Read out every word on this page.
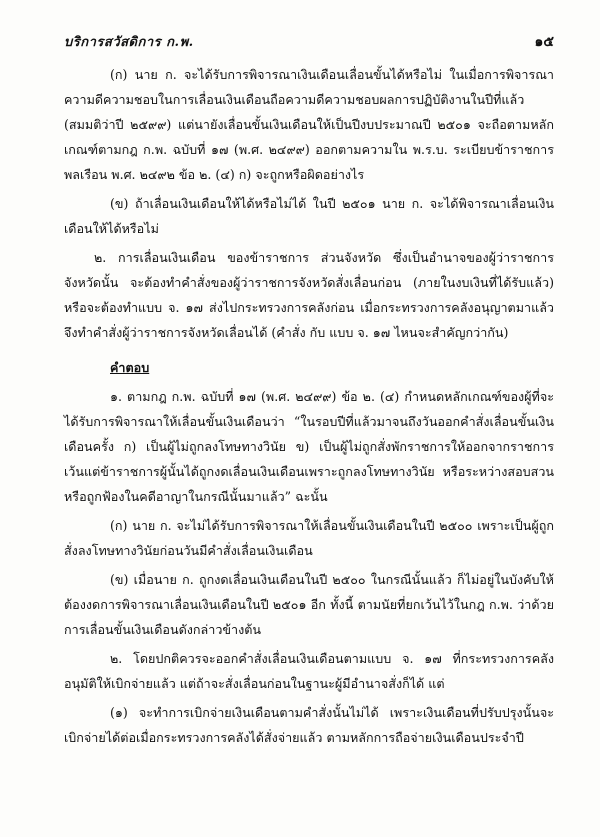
บริการสวัสดิการ ก.พ.	๑๕

(ก) นาย ก. จะได้รับการพิจารณาเงินเดือนเลื่อนขั้นได้หรือไม่ ในเมื่อการพิจารณาความดีความชอบในการเลื่อนเงินเดือนถือความดีความชอบผลการปฏิบัติงานในปีที่แล้ว (สมมติว่าปี ๒๕๙๙) แต่นายังเลื่อนขั้นเงินเดือนให้เป็นปีงบประมาณปี ๒๕๐๑ จะถือตามหลักเกณฑ์ตามกฎ ก.พ. ฉบับที่ ๑๗ (พ.ศ. ๒๔๙๙) ออกตามความใน พ.ร.บ. ระเบียบข้าราชการพลเรือน พ.ศ. ๒๔๙๒ ข้อ ๒. (๔) ก) จะถูกหรือผิดอย่างไร

(ข) ถ้าเลื่อนเงินเดือนให้ได้หรือไม่ได้ ในปี ๒๕๐๑ นาย ก. จะได้พิจารณาเลื่อนเงินเดือนให้ได้หรือไม่

๒. การเลื่อนเงินเดือน ของข้าราชการ ส่วนจังหวัด ซึ่งเป็นอำนาจของผู้ว่าราชการจังหวัดนั้น จะต้องทำคำสั่งของผู้ว่าราชการจังหวัดสั่งเลื่อนก่อน (ภายในงบเงินที่ได้รับแล้ว) หรือจะต้องทำแบบ จ. ๑๗ ส่งไปกระทรวงการคลังก่อน เมื่อกระทรวงการคลังอนุญาตมาแล้วจึงทำคำสั่งผู้ว่าราชการจังหวัดเลื่อนได้ (คำสั่ง กับ แบบ จ. ๑๗ ไหนจะสำคัญกว่ากัน)

คำตอบ

๑. ตามกฎ ก.พ. ฉบับที่ ๑๗ (พ.ศ. ๒๔๙๙) ข้อ ๒. (๔) กำหนดหลักเกณฑ์ของผู้ที่จะได้รับการพิจารณาให้เลื่อนขั้นเงินเดือนว่า “ในรอบปีที่แล้วมาจนถึงวันออกคำสั่งเลื่อนขั้นเงินเดือนครั้ง ก) เป็นผู้ไม่ถูกลงโทษทางวินัย ข) เป็นผู้ไม่ถูกสั่งพักราชการให้ออกจากราชการ เว้นแต่ข้าราชการผู้นั้นได้ถูกงดเลื่อนเงินเดือนเพราะถูกลงโทษทางวินัย หรือระหว่างสอบสวน หรือถูกฟ้องในคดีอาญาในกรณีนั้นมาแล้ว” ฉะนั้น

(ก) นาย ก. จะไม่ได้รับการพิจารณาให้เลื่อนขั้นเงินเดือนในปี ๒๕๐๐ เพราะเป็นผู้ถูกสั่งลงโทษทางวินัยก่อนวันมีคำสั่งเลื่อนเงินเดือน

(ข) เมื่อนาย ก. ถูกงดเลื่อนเงินเดือนในปี ๒๕๐๐ ในกรณีนั้นแล้ว ก็ไม่อยู่ในบังคับให้ต้องงดการพิจารณาเลื่อนเงินเดือนในปี ๒๕๐๑ อีก ทั้งนี้ ตามนัยที่ยกเว้นไว้ในกฎ ก.พ. ว่าด้วยการเลื่อนขั้นเงินเดือนดังกล่าวข้างต้น

๒. โดยปกติควรจะออกคำสั่งเลื่อนเงินเดือนตามแบบ จ. ๑๗ ที่กระทรวงการคลังอนุมัติให้เบิกจ่ายแล้ว แต่ถ้าจะสั่งเลื่อนก่อนในฐานะผู้มีอำนาจสั่งก็ได้ แต่

(๑) จะทำการเบิกจ่ายเงินเดือนตามคำสั่งนั้นไม่ได้ เพราะเงินเดือนที่ปรับปรุงนั้นจะเบิกจ่ายได้ต่อเมื่อกระทรวงการคลังได้สั่งจ่ายแล้ว ตามหลักการถือจ่ายเงินเดือนประจำปี
